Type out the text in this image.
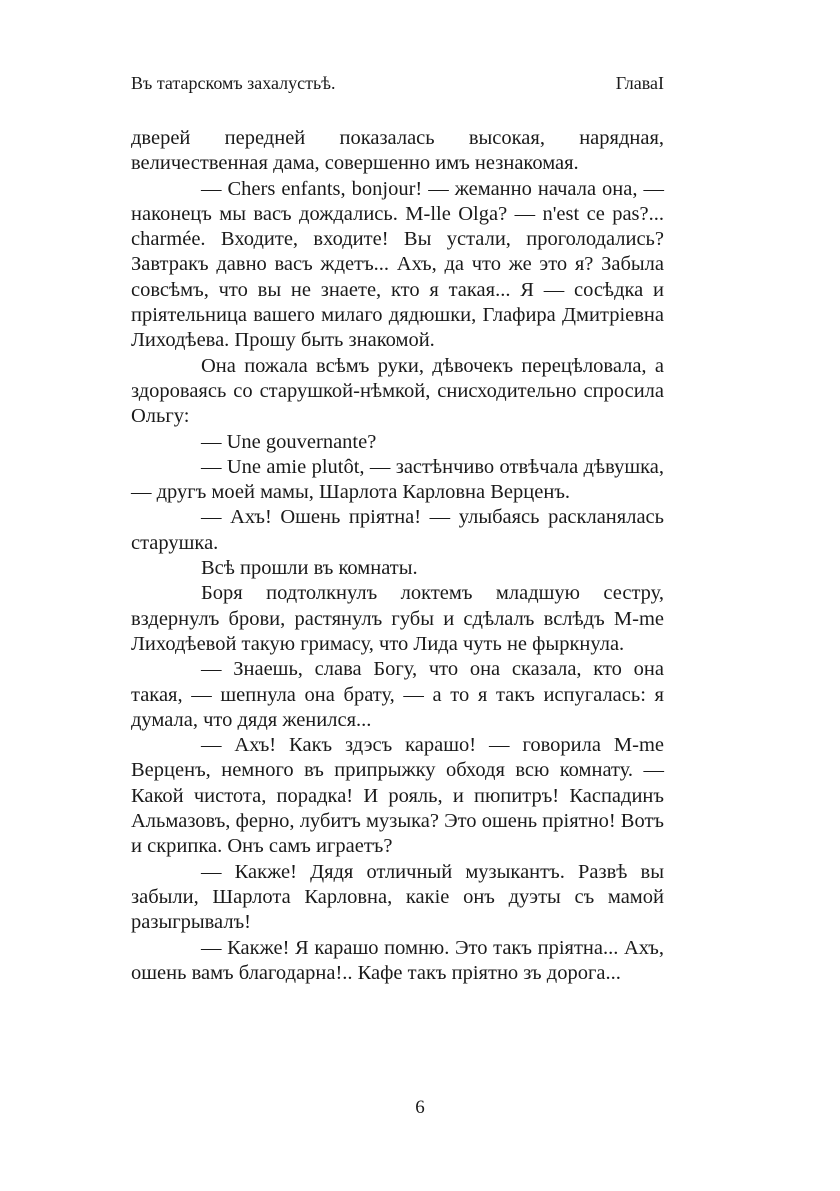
Въ татарскомъ захалустьѣ.	ГлаваI

дверей передней показалась высокая, нарядная, величественная дама, совершенно имъ незнакомая.

— Chers enfants, bonjour! — жеманно начала она, — наконецъ мы васъ дождались. M-lle Olga? — n'est ce pas?... charmée. Входите, входите! Вы устали, проголодались? Завтракъ давно васъ ждетъ... Ахъ, да что же это я? Забыла совсѣмъ, что вы не знаете, кто я такая... Я — сосѣдка и пріятельница вашего милаго дядюшки, Глафира Дмитріевна Лиходѣева. Прошу быть знакомой.

Она пожала всѣмъ руки, дѣвочекъ перецѣловала, а здороваясь со старушкой-нѣмкой, снисходительно спросила Ольгу:

— Une gouvernante?

— Une amie plutôt, — застѣнчиво отвѣчала дѣвушка, — другъ моей мамы, Шарлота Карловна Верценъ.

— Ахъ! Ошень пріятна! — улыбаясь раскланялась старушка.

Всѣ прошли въ комнаты.

Боря подтолкнулъ локтемъ младшую сестру, вздернулъ брови, растянулъ губы и сдѣлалъ вслѣдъ M-me Лиходѣевой такую гримасу, что Лида чуть не фыркнула.

— Знаешь, слава Богу, что она сказала, кто она такая, — шепнула она брату, — а то я такъ испугалась: я думала, что дядя женился...

— Ахъ! Какъ здэсъ карашо! — говорила M-me Верценъ, немного въ припрыжку обходя всю комнату. — Какой чистота, порадка! И рояль, и пюпитръ! Каспадинъ Альмазовъ, ферно, лубитъ музыка? Это ошень пріятно! Вотъ и скрипка. Онъ самъ играетъ?

— Какже! Дядя отличный музыкантъ. Развѣ вы забыли, Шарлота Карловна, какіе онъ дуэты съ мамой разыгрывалъ!

— Какже! Я карашо помню. Это такъ пріятна... Ахъ, ошень вамъ благодарна!.. Кафе такъ пріятно зъ дорога...

6
